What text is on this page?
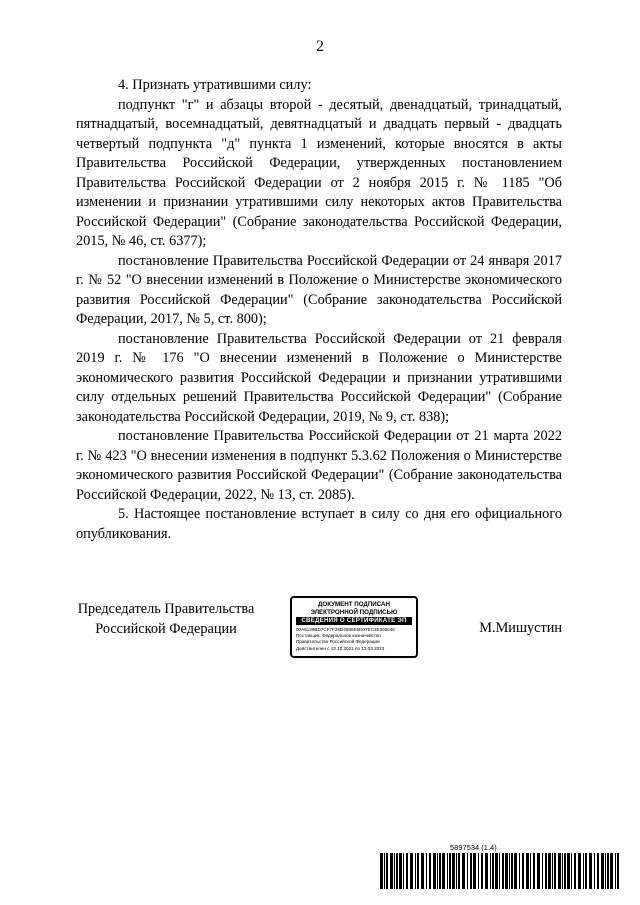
2

4. Признать утратившими силу:

подпункт "г" и абзацы второй - десятый, двенадцатый, тринадцатый, пятнадцатый, восемнадцатый, девятнадцатый и двадцать первый - двадцать четвертый подпункта "д" пункта 1 изменений, которые вносятся в акты Правительства Российской Федерации, утвержденных постановлением Правительства Российской Федерации от 2 ноября 2015 г. № 1185 "Об изменении и признании утратившими силу некоторых актов Правительства Российской Федерации" (Собрание законодательства Российской Федерации, 2015, № 46, ст. 6377);

постановление Правительства Российской Федерации от 24 января 2017 г. № 52 "О внесении изменений в Положение о Министерстве экономического развития Российской Федерации" (Собрание законодательства Российской Федерации, 2017, № 5, ст. 800);

постановление Правительства Российской Федерации от 21 февраля 2019 г. № 176 "О внесении изменений в Положение о Министерстве экономического развития Российской Федерации и признании утратившими силу отдельных решений Правительства Российской Федерации" (Собрание законодательства Российской Федерации, 2019, № 9, ст. 838);

постановление Правительства Российской Федерации от 21 марта 2022 г. № 423 "О внесении изменения в подпункт 5.3.62 Положения о Министерстве экономического развития Российской Федерации" (Собрание законодательства Российской Федерации, 2022, № 13, ст. 2085).

5. Настоящее постановление вступает в силу со дня его официального опубликования.

Председатель Правительства
Российской Федерации
ДОКУМЕНТ ПОДПИСАН
ЭЛЕКТРОННОЙ ПОДПИСЬЮ
СВЕДЕНИЯ О СЕРТИФИКАТЕ ЭП
00A6139BD7CF7F28D4590E5D07EC3E306046
Поставщик: Федеральное казначейство
Правительство Российской Федерации
Действителен с 13.12.2021 по 13.03.2023
М.Мишустин
5897534 (1.4)
